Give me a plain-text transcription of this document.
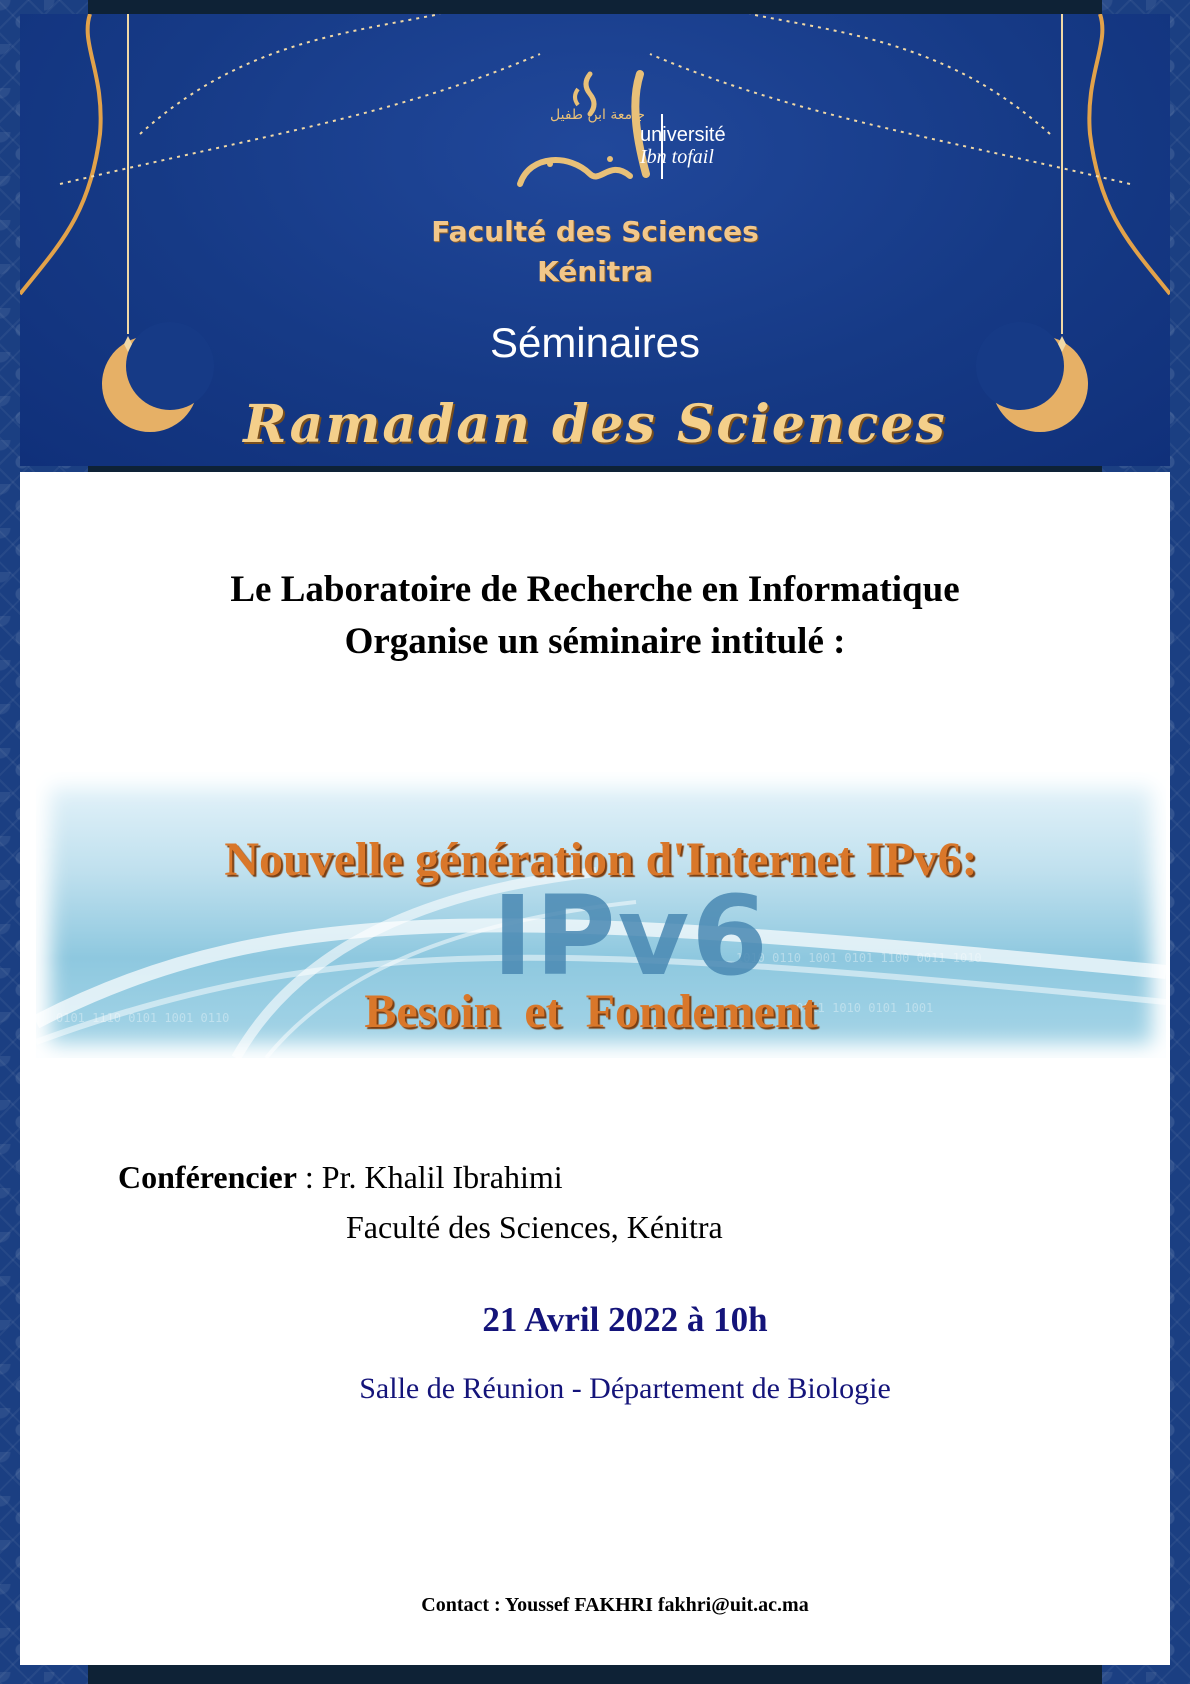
جامعة ابن طفيل
université
Ibn tofail
Faculté des Sciences
Kénitra
Séminaires
Ramadan des Sciences
Le Laboratoire de Recherche en Informatique
Organise un séminaire intitulé :
0101 1110 0101 1001 0110
1010 0110 1001 0101 1100 0011 1010
0011 1010 0101 1001
Nouvelle génération d'Internet IPv6:
IPv6
Besoin et Fondement
Conférencier : Pr. Khalil Ibrahimi
Faculté des Sciences, Kénitra
21 Avril 2022 à 10h
Salle de Réunion - Département de Biologie
Contact : Youssef FAKHRI fakhri@uit.ac.ma
